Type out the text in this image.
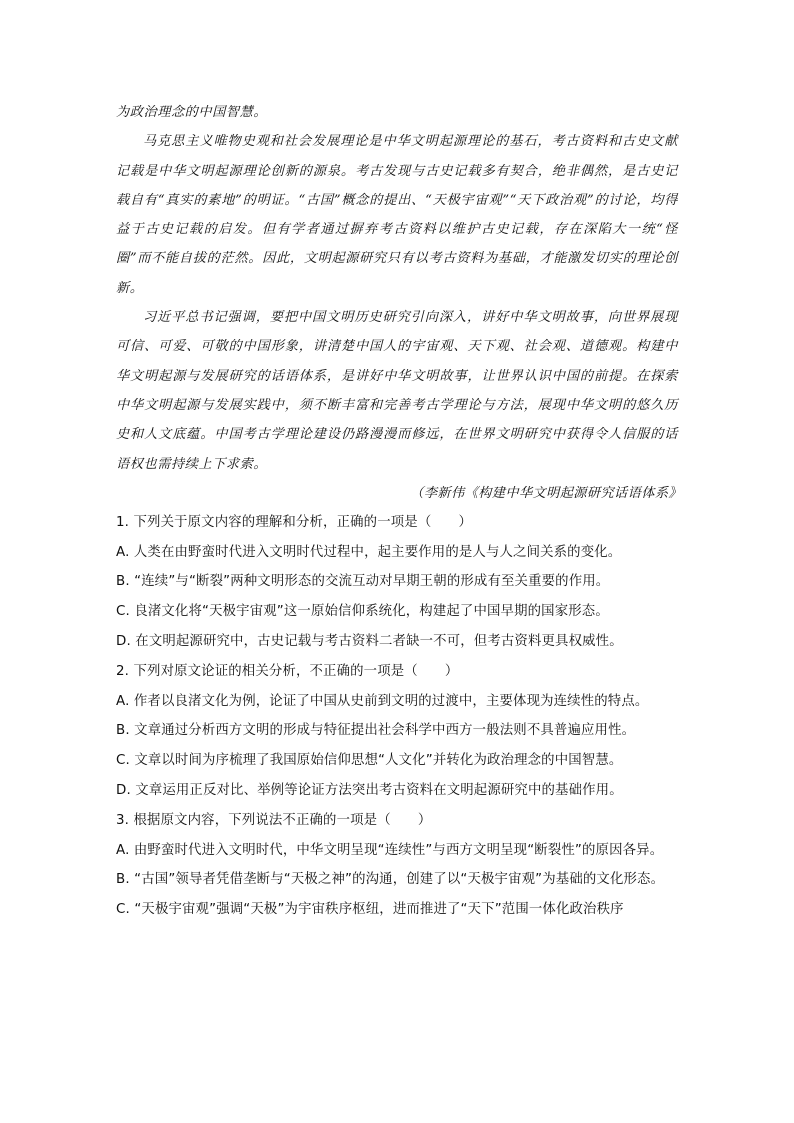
为政治理念的中国智慧。

马克思主义唯物史观和社会发展理论是中华文明起源理论的基石，考古资料和古史文献记载是中华文明起源理论创新的源泉。考古发现与古史记载多有契合，绝非偶然，是古史记载自有“真实的素地”的明证。“古国”概念的提出、“天极宇宙观”“天下政治观”的讨论，均得益于古史记载的启发。但有学者通过摒弃考古资料以维护古史记载，存在深陷大一统“怪圈”而不能自拔的茫然。因此，文明起源研究只有以考古资料为基础，才能激发切实的理论创新。

习近平总书记强调，要把中国文明历史研究引向深入，讲好中华文明故事，向世界展现可信、可爱、可敬的中国形象，讲清楚中国人的宇宙观、天下观、社会观、道德观。构建中华文明起源与发展研究的话语体系，是讲好中华文明故事，让世界认识中国的前提。在探索中华文明起源与发展实践中，须不断丰富和完善考古学理论与方法，展现中华文明的悠久历史和人文底蕴。中国考古学理论建设仍路漫漫而修远，在世界文明研究中获得令人信服的话语权也需持续上下求索。

（李新伟《构建中华文明起源研究话语体系》

1. 下列关于原文内容的理解和分析，正确的一项是（　　）
A. 人类在由野蛮时代进入文明时代过程中，起主要作用的是人与人之间关系的变化。
B. “连续”与“断裂”两种文明形态的交流互动对早期王朝的形成有至关重要的作用。
C. 良渚文化将“天极宇宙观”这一原始信仰系统化，构建起了中国早期的国家形态。
D. 在文明起源研究中，古史记载与考古资料二者缺一不可，但考古资料更具权威性。
2. 下列对原文论证的相关分析，不正确的一项是（　　）
A. 作者以良渚文化为例，论证了中国从史前到文明的过渡中，主要体现为连续性的特点。
B. 文章通过分析西方文明的形成与特征提出社会科学中西方一般法则不具普遍应用性。
C. 文章以时间为序梳理了我国原始信仰思想“人文化”并转化为政治理念的中国智慧。
D. 文章运用正反对比、举例等论证方法突出考古资料在文明起源研究中的基础作用。
3. 根据原文内容，下列说法不正确的一项是（　　）
A. 由野蛮时代进入文明时代，中华文明呈现“连续性”与西方文明呈现“断裂性”的原因各异。
B. “古国”领导者凭借垄断与“天极之神”的沟通，创建了以“天极宇宙观”为基础的文化形态。
C. “天极宇宙观”强调“天极”为宇宙秩序枢纽，进而推进了“天下”范围一体化政治秩序
